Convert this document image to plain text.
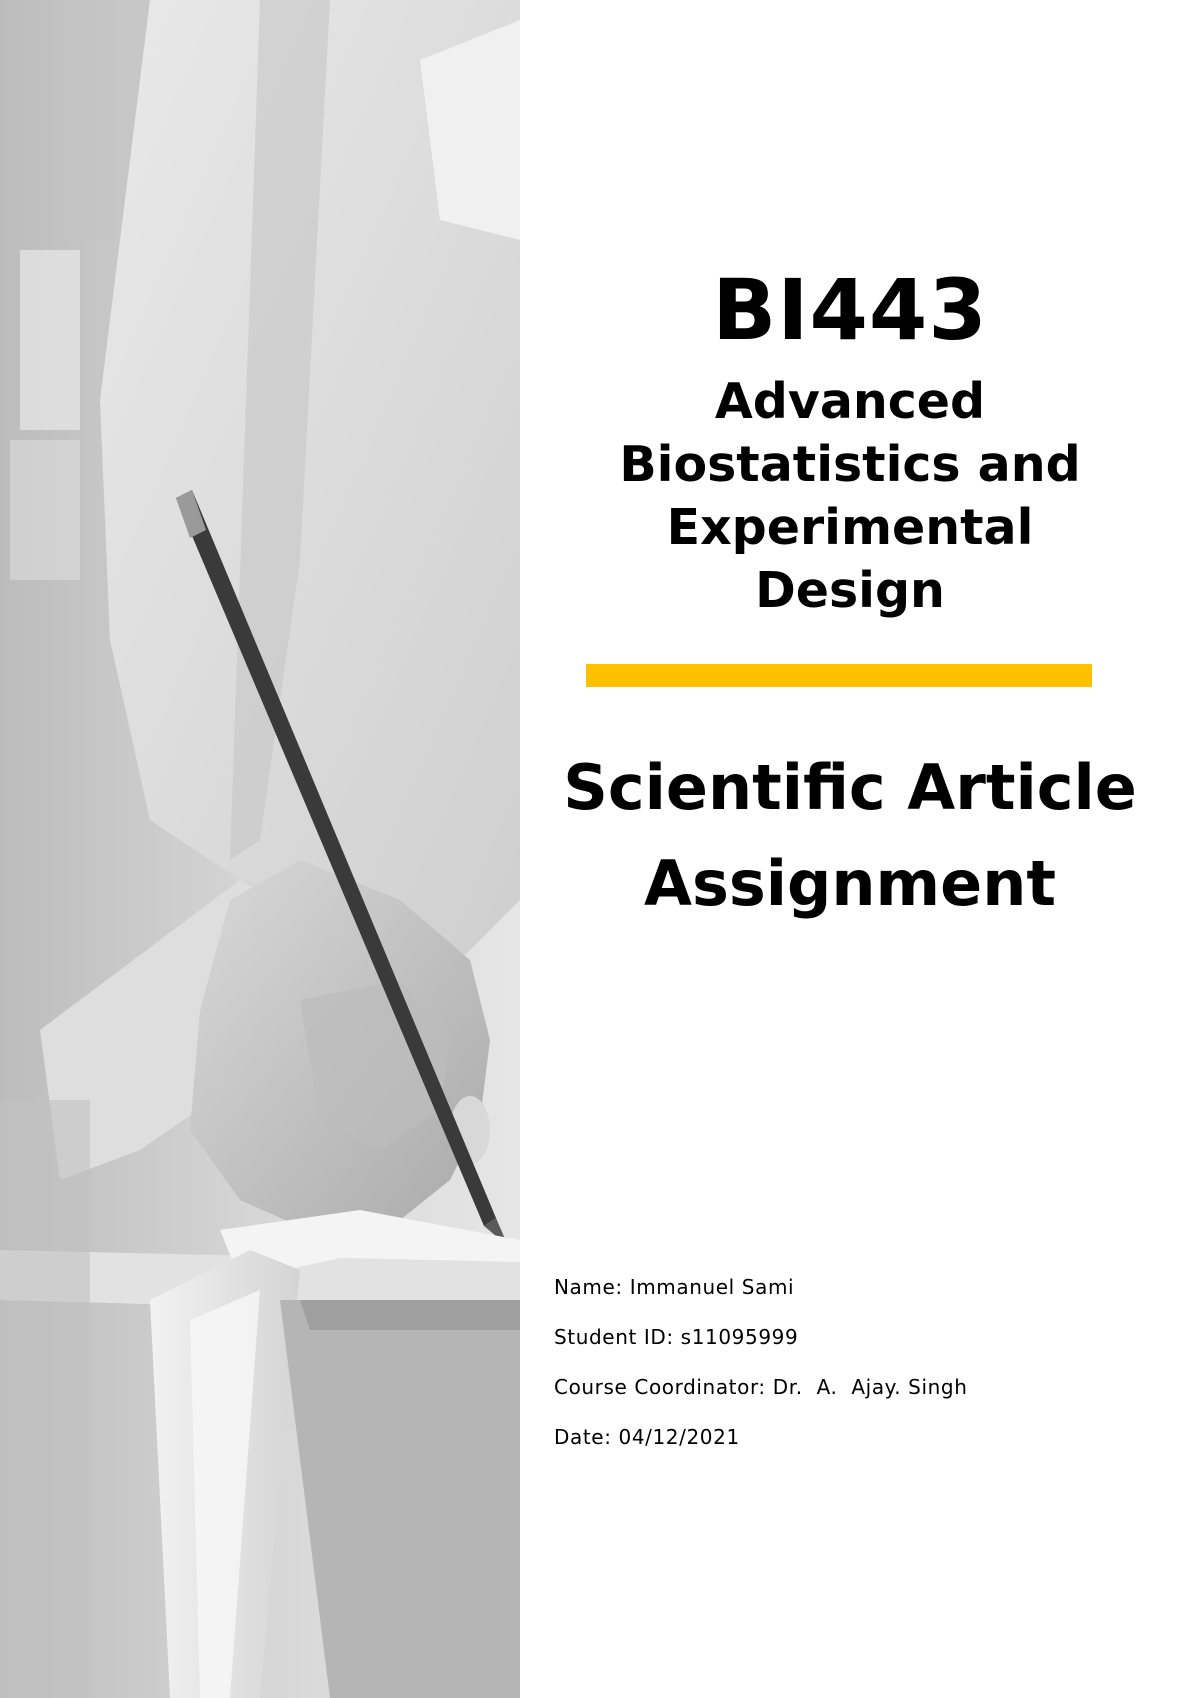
BI443
Advanced
Biostatistics and
Experimental
Design
Scientific Article
Assignment
Name: Immanuel Sami
Student ID: s11095999
Course Coordinator: Dr.  A.  Ajay. Singh
Date: 04/12/2021
